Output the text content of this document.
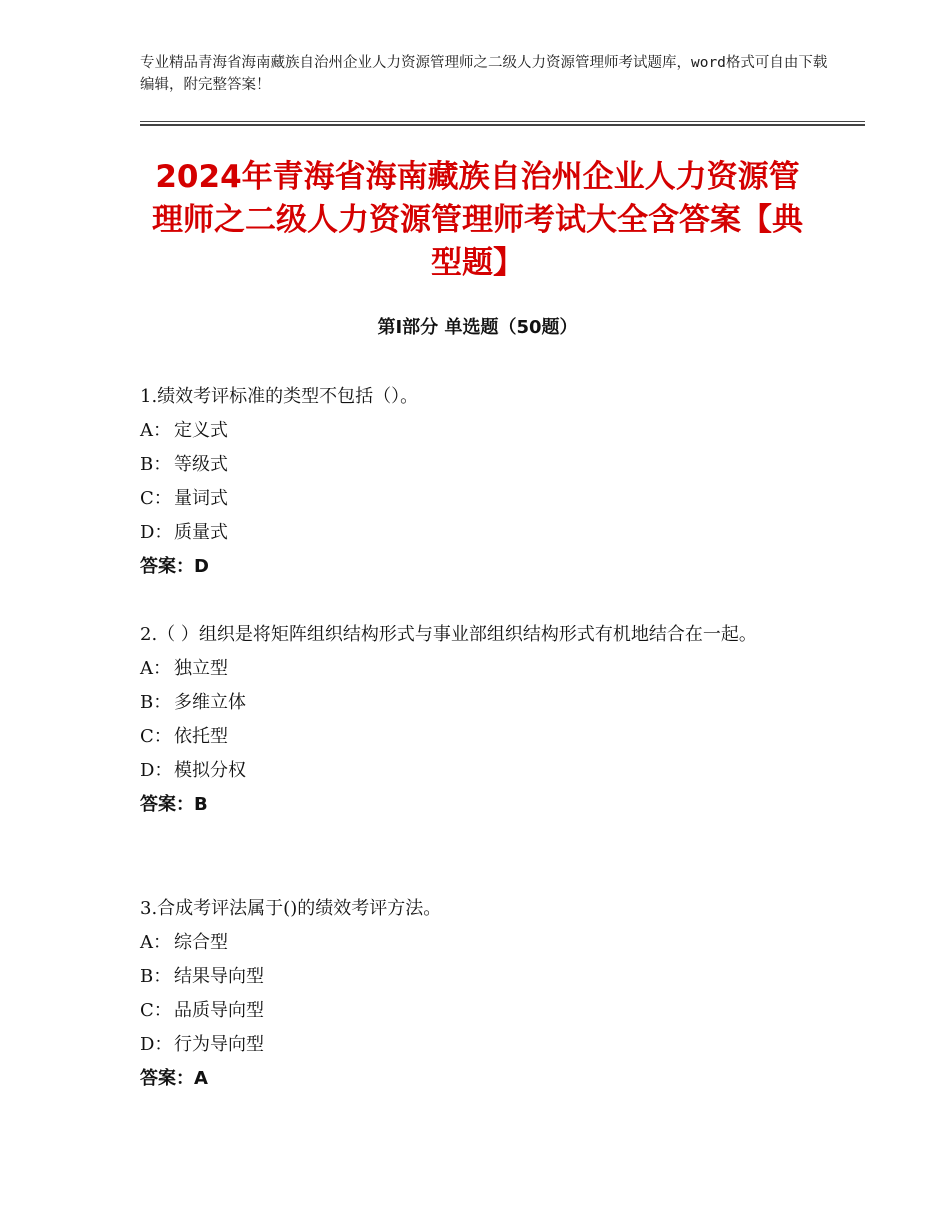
专业精品青海省海南藏族自治州企业人力资源管理师之二级人力资源管理师考试题库，word格式可自由下载编辑，附完整答案！

2024年青海省海南藏族自治州企业人力资源管理师之二级人力资源管理师考试大全含答案【典型题】
第Ⅰ部分 单选题（50题）

1.绩效考评标准的类型不包括（）。

A： 定义式

B： 等级式

C： 量词式

D：质量式

答案：D

2.（ ）组织是将矩阵组织结构形式与事业部组织结构形式有机地结合在一起。

A： 独立型

B： 多维立体

C： 依托型

D：模拟分权

答案：B

3.合成考评法属于()的绩效考评方法。

A： 综合型

B： 结果导向型

C： 品质导向型

D：行为导向型

答案：A
